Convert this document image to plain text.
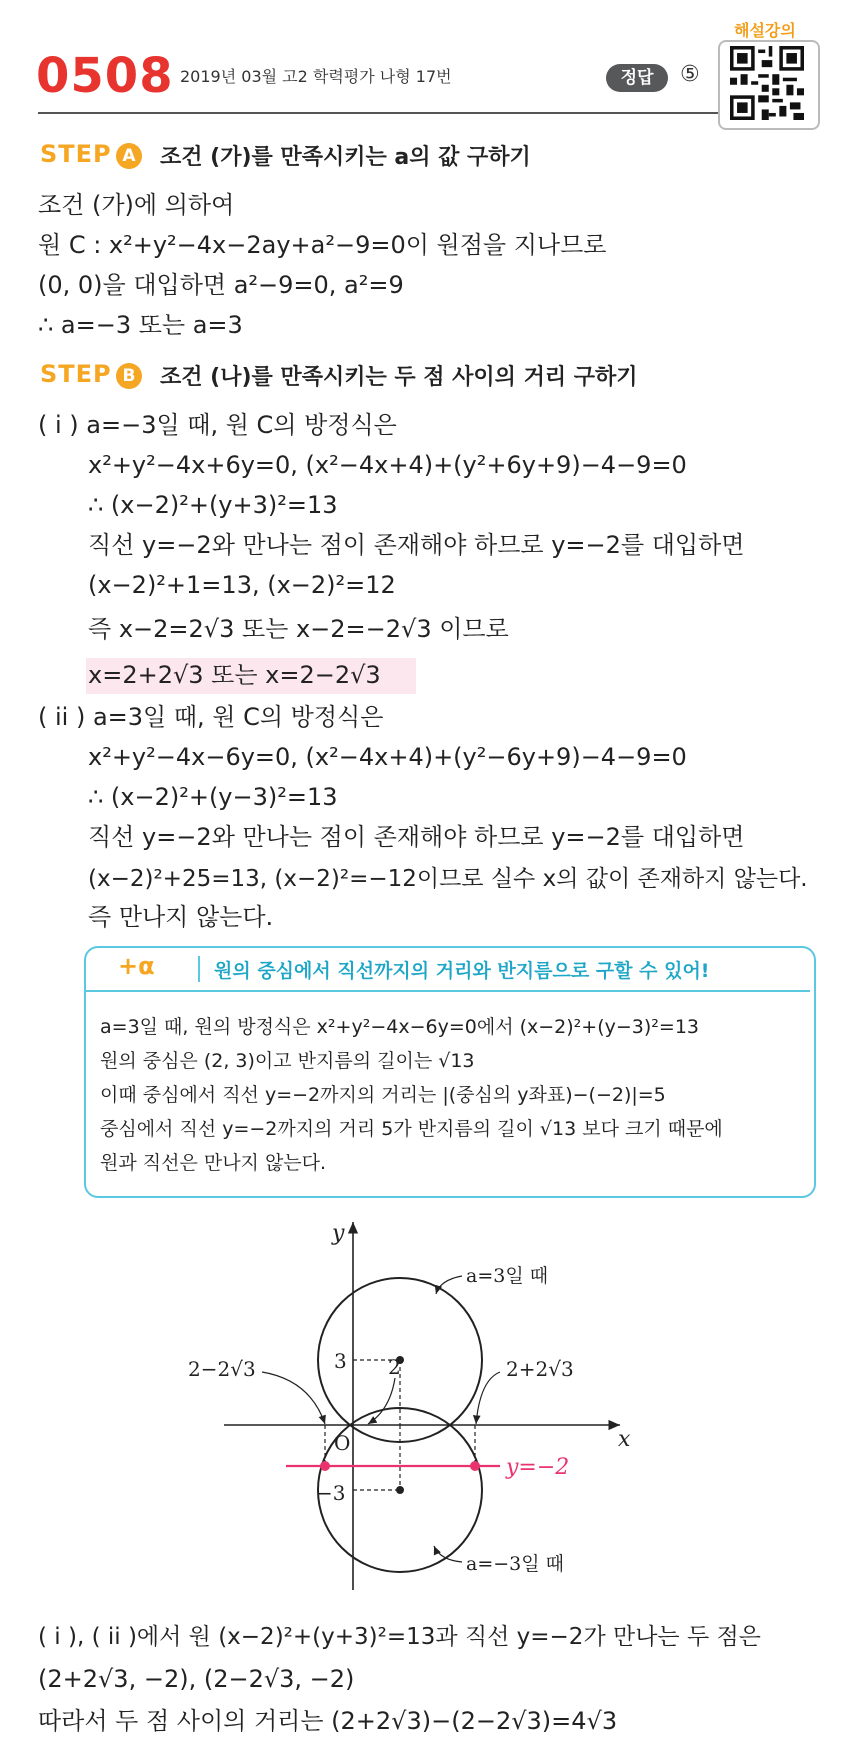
0508 2019년 03월 고2 학력평가 나형 17번	정답	⑤
해설강의
STEP A 조건 (가)를 만족시키는 a의 값 구하기
조건 (가)에 의하여
원 C : x²+y²−4x−2ay+a²−9=0이 원점을 지나므로
(0, 0)을 대입하면 a²−9=0, a²=9
∴ a=−3 또는 a=3
STEP B 조건 (나)를 만족시키는 두 점 사이의 거리 구하기
( i ) a=−3일 때, 원 C의 방정식은
x²+y²−4x+6y=0, (x²−4x+4)+(y²+6y+9)−4−9=0
∴ (x−2)²+(y+3)²=13
직선 y=−2와 만나는 점이 존재해야 하므로 y=−2를 대입하면
(x−2)²+1=13, (x−2)²=12
즉 x−2=2√3 또는 x−2=−2√3 이므로
x=2+2√3 또는 x=2−2√3
( ii ) a=3일 때, 원 C의 방정식은
x²+y²−4x−6y=0, (x²−4x+4)+(y²−6y+9)−4−9=0
∴ (x−2)²+(y−3)²=13
직선 y=−2와 만나는 점이 존재해야 하므로 y=−2를 대입하면
(x−2)²+25=13, (x−2)²=−12이므로 실수 x의 값이 존재하지 않는다.
즉 만나지 않는다.
+α	원의 중심에서 직선까지의 거리와 반지름으로 구할 수 있어!
a=3일 때, 원의 방정식은 x²+y²−4x−6y=0에서 (x−2)²+(y−3)²=13
원의 중심은 (2, 3)이고 반지름의 길이는 √13
이때 중심에서 직선 y=−2까지의 거리는 |(중심의 y좌표)−(−2)|=5
중심에서 직선 y=−2까지의 거리 5가 반지름의 길이 √13 보다 크기 때문에
원과 직선은 만나지 않는다.
x
y
O
3
−3
2
2−2√3	2+2√3
y=−2
a=3일 때
a=−3일 때
( i ), ( ii )에서 원 (x−2)²+(y+3)²=13과 직선 y=−2가 만나는 두 점은
(2+2√3, −2), (2−2√3, −2)
따라서 두 점 사이의 거리는 (2+2√3)−(2−2√3)=4√3
